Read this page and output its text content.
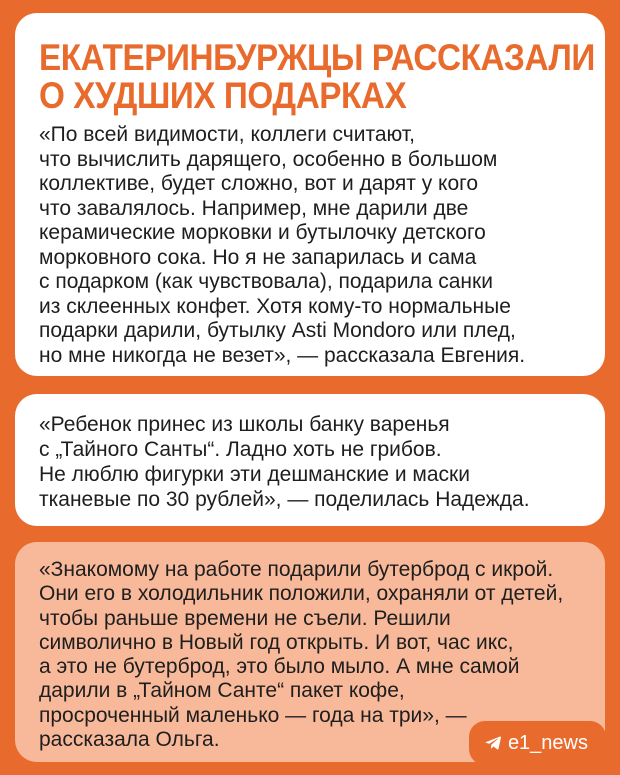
ЕКАТЕРИНБУРЖЦЫ РАССКАЗАЛИ
О ХУДШИХ ПОДАРКАХ
«По всей видимости, коллеги считают,
что вычислить дарящего, особенно в большом
коллективе, будет сложно, вот и дарят у кого
что завалялось. Например, мне дарили две
керамические морковки и бутылочку детского
морковного сока. Но я не запарилась и сама
с подарком (как чувствовала), подарила санки
из склеенных конфет. Хотя кому-то нормальные
подарки дарили, бутылку Asti Mondoro или плед,
но мне никогда не везет», — рассказала Евгения.
«Ребенок принес из школы банку варенья
с „Тайного Санты“. Ладно хоть не грибов.
Не люблю фигурки эти дешманские и маски
тканевые по 30 рублей», — поделилась Надежда.
«Знакомому на работе подарили бутерброд с икрой.
Они его в холодильник положили, охраняли от детей,
чтобы раньше времени не съели. Решили
символично в Новый год открыть. И вот, час икс,
а это не бутерброд, это было мыло. А мне самой
дарили в „Тайном Санте“ пакет кофе,
просроченный маленько — года на три», —
рассказала Ольга.	e1_news
